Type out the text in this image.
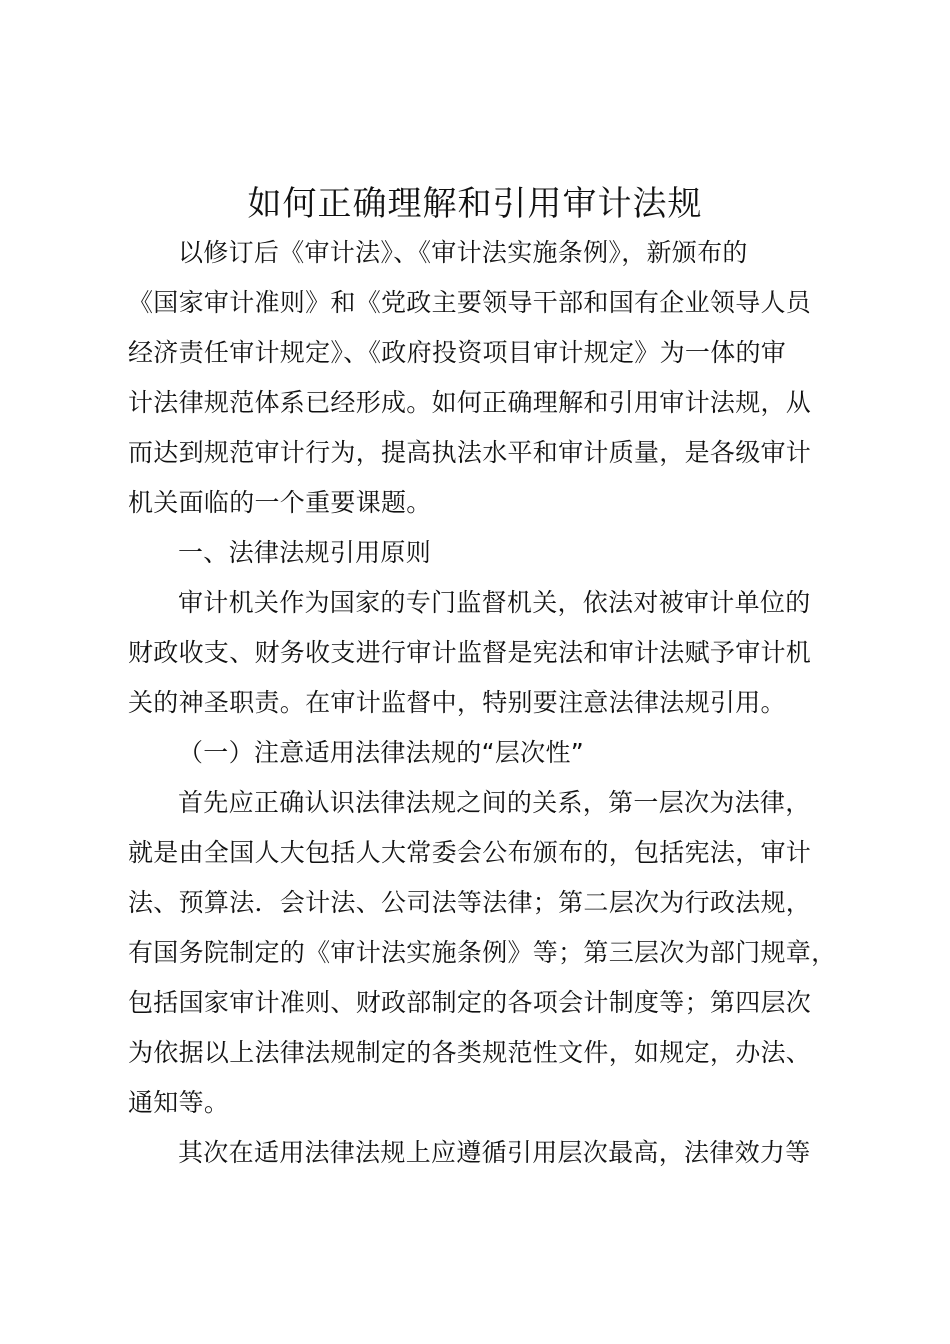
如何正确理解和引用审计法规
以修订后《审计法》、《审计法实施条例》，新颁布的
《国家审计准则》和《党政主要领导干部和国有企业领导人员
经济责任审计规定》、《政府投资项目审计规定》为一体的审
计法律规范体系已经形成。如何正确理解和引用审计法规，从
而达到规范审计行为，提高执法水平和审计质量，是各级审计
机关面临的一个重要课题。
一、法律法规引用原则
审计机关作为国家的专门监督机关，依法对被审计单位的
财政收支、财务收支进行审计监督是宪法和审计法赋予审计机
关的神圣职责。在审计监督中，特别要注意法律法规引用。
（一）注意适用法律法规的“层次性”
首先应正确认识法律法规之间的关系，第一层次为法律，
就是由全国人大包括人大常委会公布颁布的，包括宪法，审计
法、预算法．会计法、公司法等法律；第二层次为行政法规，
有国务院制定的《审计法实施条例》等；第三层次为部门规章，
包括国家审计准则、财政部制定的各项会计制度等；第四层次
为依据以上法律法规制定的各类规范性文件，如规定，办法、
通知等。
其次在适用法律法规上应遵循引用层次最高，法律效力等
